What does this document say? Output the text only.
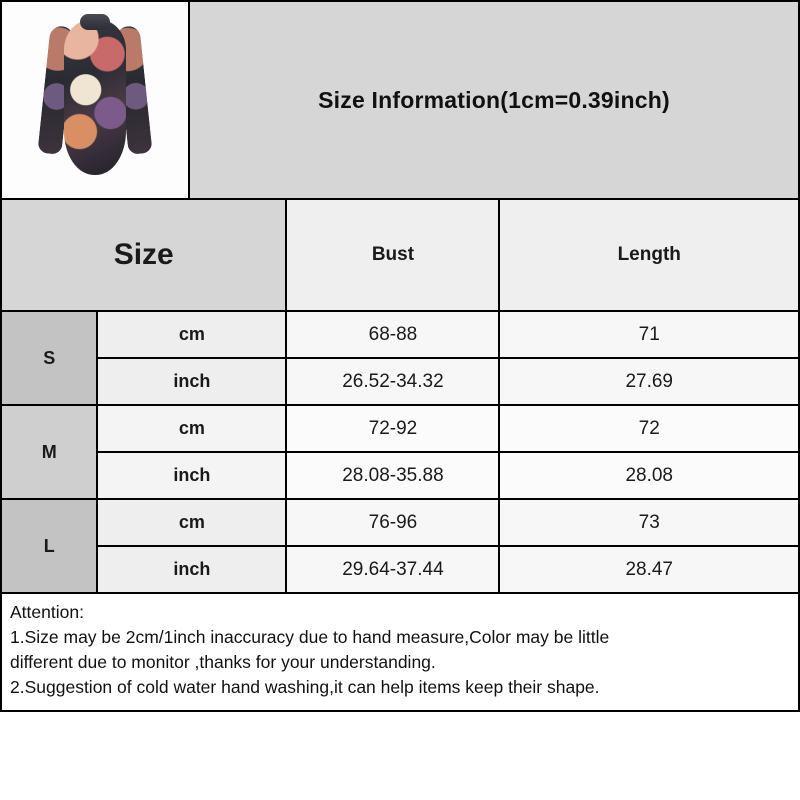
Size Information(1cm=0.39inch)
Size		Bust	Length
S	cm	68-88	71
	inch	26.52-34.32	27.69
M	cm	72-92	72
	inch	28.08-35.88	28.08
L	cm	76-96	73
	inch	29.64-37.44	28.47
Attention:
1.Size may be 2cm/1inch inaccuracy due to hand measure,Color may be little
different due to monitor ,thanks for your understanding.
2.Suggestion of cold water hand washing,it can help items keep their shape.
